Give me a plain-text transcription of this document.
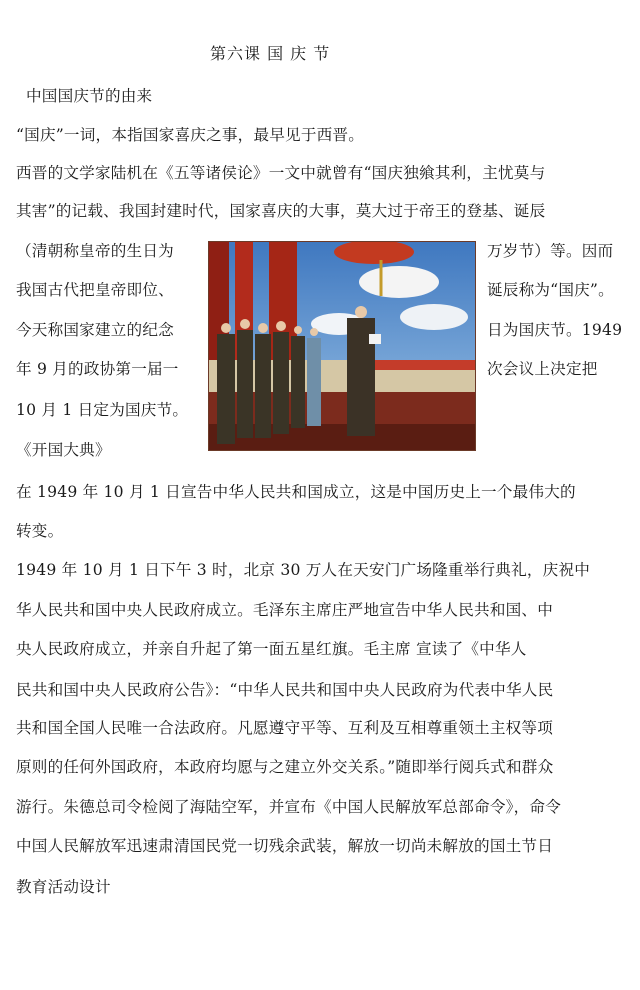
第六课 国 庆 节
中国国庆节的由来
“国庆”一词，本指国家喜庆之事，最早见于西晋。
西晋的文学家陆机在《五等诸侯论》一文中就曾有“国庆独飨其利，主忧莫与
其害”的记载、我国封建时代，国家喜庆的大事，莫大过于帝王的登基、诞辰
（清朝称皇帝的生日为
我国古代把皇帝即位、
今天称国家建立的纪念
年 9 月的政协第一届一
10 月 1 日定为国庆节。
《开国大典》
万岁节）等。因而
诞辰称为“国庆”。
日为国庆节。1949
次会议上决定把
在 1949 年 10 月 1 日宣告中华人民共和国成立，这是中国历史上一个最伟大的
转变。
1949 年 10 月 1 日下午 3 时，北京 30 万人在天安门广场隆重举行典礼，庆祝中
华人民共和国中央人民政府成立。毛泽东主席庄严地宣告中华人民共和国、中
央人民政府成立，并亲自升起了第一面五星红旗。毛主席 宣读了《中华人
民共和国中央人民政府公告》：“中华人民共和国中央人民政府为代表中华人民
共和国全国人民唯一合法政府。凡愿遵守平等、互利及互相尊重领土主权等项
原则的任何外国政府，本政府均愿与之建立外交关系。”随即举行阅兵式和群众
游行。朱德总司令检阅了海陆空军，并宣布《中国人民解放军总部命令》，命令
中国人民解放军迅速肃清国民党一切残余武装，解放一切尚未解放的国土节日
教育活动设计
